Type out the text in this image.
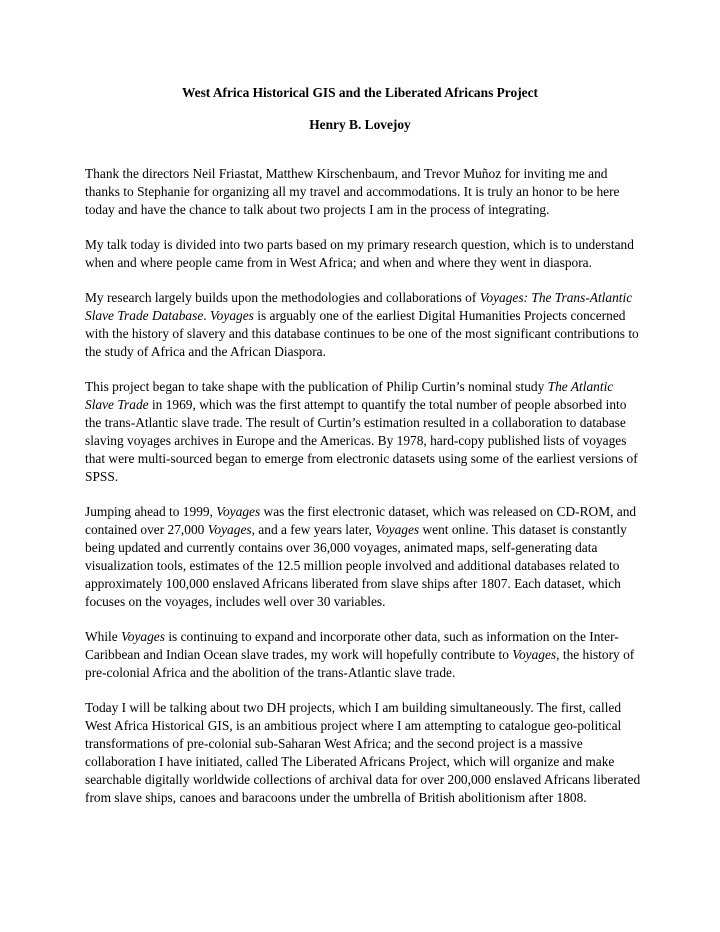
West Africa Historical GIS and the Liberated Africans Project
Henry B. Lovejoy

Thank the directors Neil Friastat, Matthew Kirschenbaum, and Trevor Muñoz for inviting me and thanks to Stephanie for organizing all my travel and accommodations. It is truly an honor to be here today and have the chance to talk about two projects I am in the process of integrating.

My talk today is divided into two parts based on my primary research question, which is to understand when and where people came from in West Africa; and when and where they went in diaspora.

My research largely builds upon the methodologies and collaborations of Voyages: The Trans-Atlantic Slave Trade Database. Voyages is arguably one of the earliest Digital Humanities Projects concerned with the history of slavery and this database continues to be one of the most significant contributions to the study of Africa and the African Diaspora.

This project began to take shape with the publication of Philip Curtin’s nominal study The Atlantic Slave Trade in 1969, which was the first attempt to quantify the total number of people absorbed into the trans-Atlantic slave trade. The result of Curtin’s estimation resulted in a collaboration to database slaving voyages archives in Europe and the Americas. By 1978, hard-copy published lists of voyages that were multi-sourced began to emerge from electronic datasets using some of the earliest versions of SPSS.

Jumping ahead to 1999, Voyages was the first electronic dataset, which was released on CD-ROM, and contained over 27,000 Voyages, and a few years later, Voyages went online. This dataset is constantly being updated and currently contains over 36,000 voyages, animated maps, self-generating data visualization tools, estimates of the 12.5 million people involved and additional databases related to approximately 100,000 enslaved Africans liberated from slave ships after 1807. Each dataset, which focuses on the voyages, includes well over 30 variables.

While Voyages is continuing to expand and incorporate other data, such as information on the Inter-Caribbean and Indian Ocean slave trades, my work will hopefully contribute to Voyages, the history of pre-colonial Africa and the abolition of the trans-Atlantic slave trade.

Today I will be talking about two DH projects, which I am building simultaneously. The first, called West Africa Historical GIS, is an ambitious project where I am attempting to catalogue geo-political transformations of pre-colonial sub-Saharan West Africa; and the second project is a massive collaboration I have initiated, called The Liberated Africans Project, which will organize and make searchable digitally worldwide collections of archival data for over 200,000 enslaved Africans liberated from slave ships, canoes and baracoons under the umbrella of British abolitionism after 1808.
